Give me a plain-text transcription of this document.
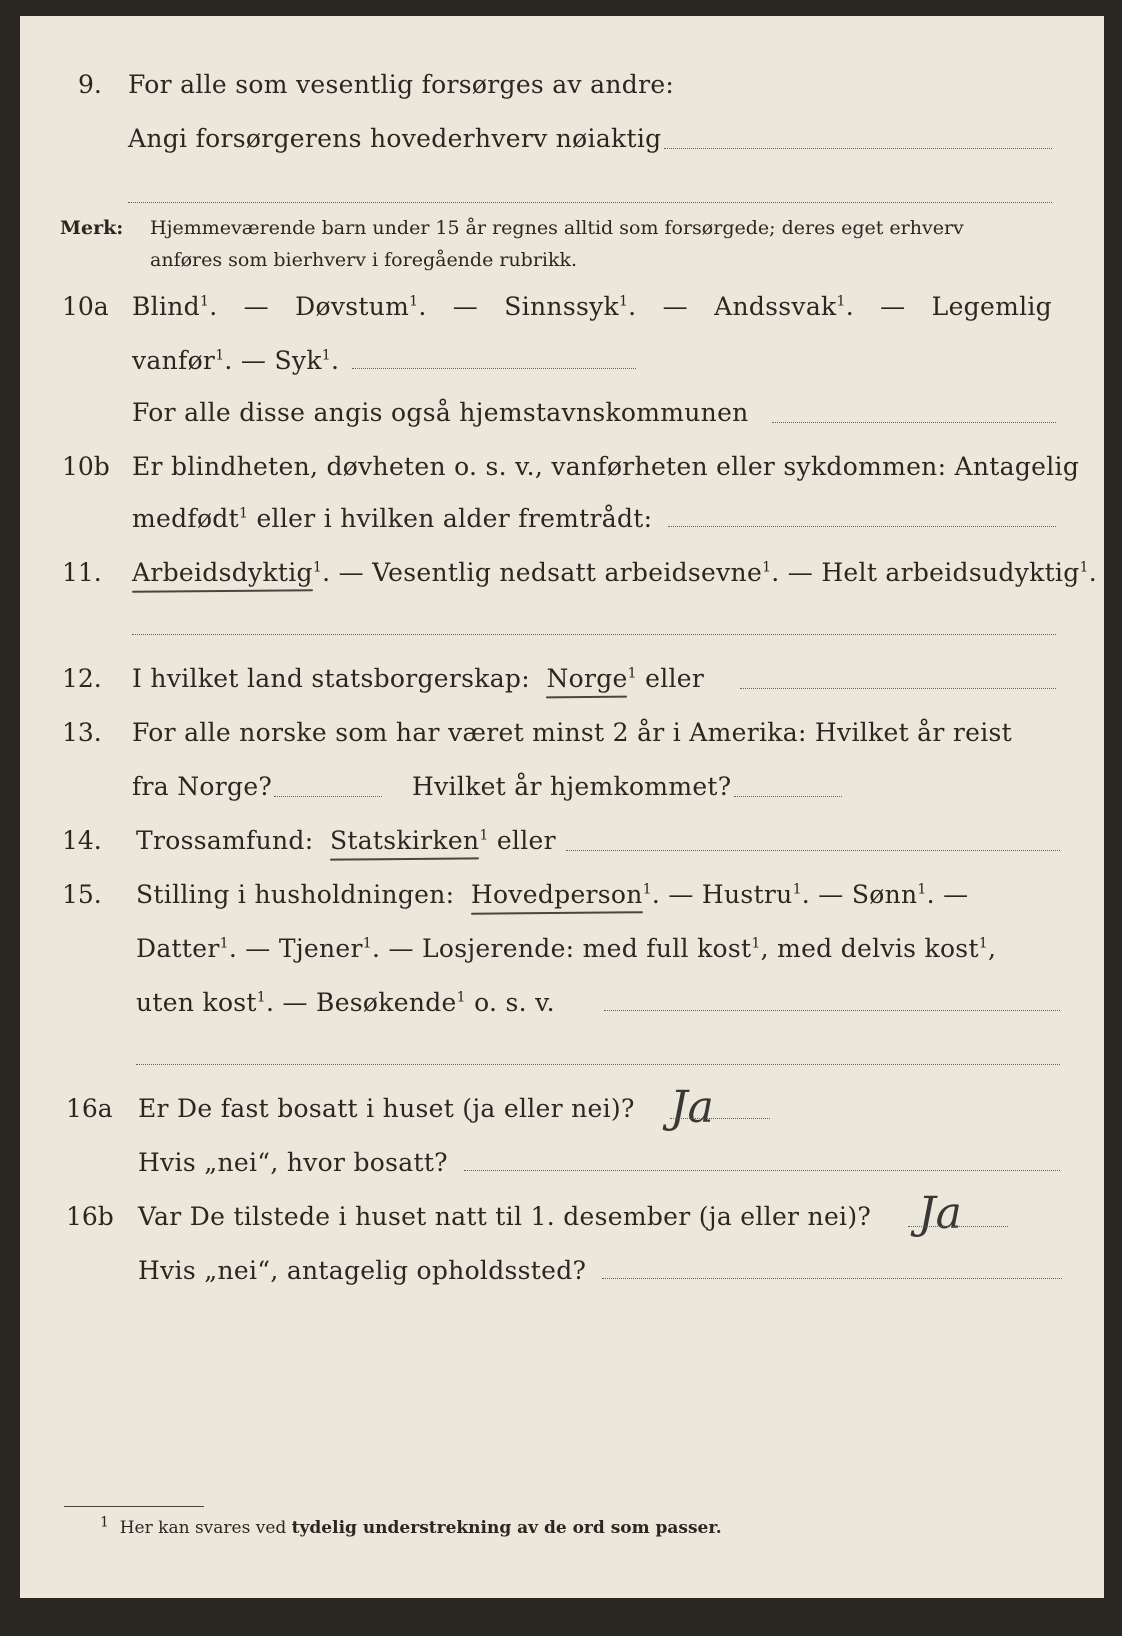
9. For alle som vesentlig forsørges av andre:
Angi forsørgerens hovederhverv nøiaktig
Merk: Hjemmeværende barn under 15 år regnes alltid som forsørgede; deres eget erhverv
anføres som bierhverv i foregående rubrikk.
10a Blind$^1$. — Døvstum$^1$. — Sinnssyk$^1$. — Andssvak$^1$. — Legemlig
vanfør$^1$. — Syk$^1$.
For alle disse angis også hjemstavnskommunen
10b Er blindheten, døvheten o. s. v., vanførheten eller sykdommen: Antagelig
medfødt$^1$ eller i hvilken alder fremtrådt:
11. Arbeidsdyktig$^1$. — Vesentlig nedsatt arbeidsevne$^1$. — Helt arbeidsudyktig$^1$.
12. I hvilket land statsborgerskap: Norge$^1$ eller
13. For alle norske som har været minst 2 år i Amerika: Hvilket år reist
fra Norge?	Hvilket år hjemkommet?
14. Trossamfund: Statskirken$^1$ eller
15. Stilling i husholdningen: Hovedperson$^1$. — Hustru$^1$. — Sønn$^1$. —
Datter$^1$. — Tjener$^1$. — Losjerende: med full kost$^1$, med delvis kost$^1$,
uten kost$^1$. — Besøkende$^1$ o. s. v.
16a Er De fast bosatt i huset (ja eller nei)? Ja
Hvis „nei“, hvor bosatt?
16b Var De tilstede i huset natt til 1. desember (ja eller nei)? Ja
Hvis „nei“, antagelig opholdssted?
$^1$ Her kan svares ved tydelig understrekning av de ord som passer.
